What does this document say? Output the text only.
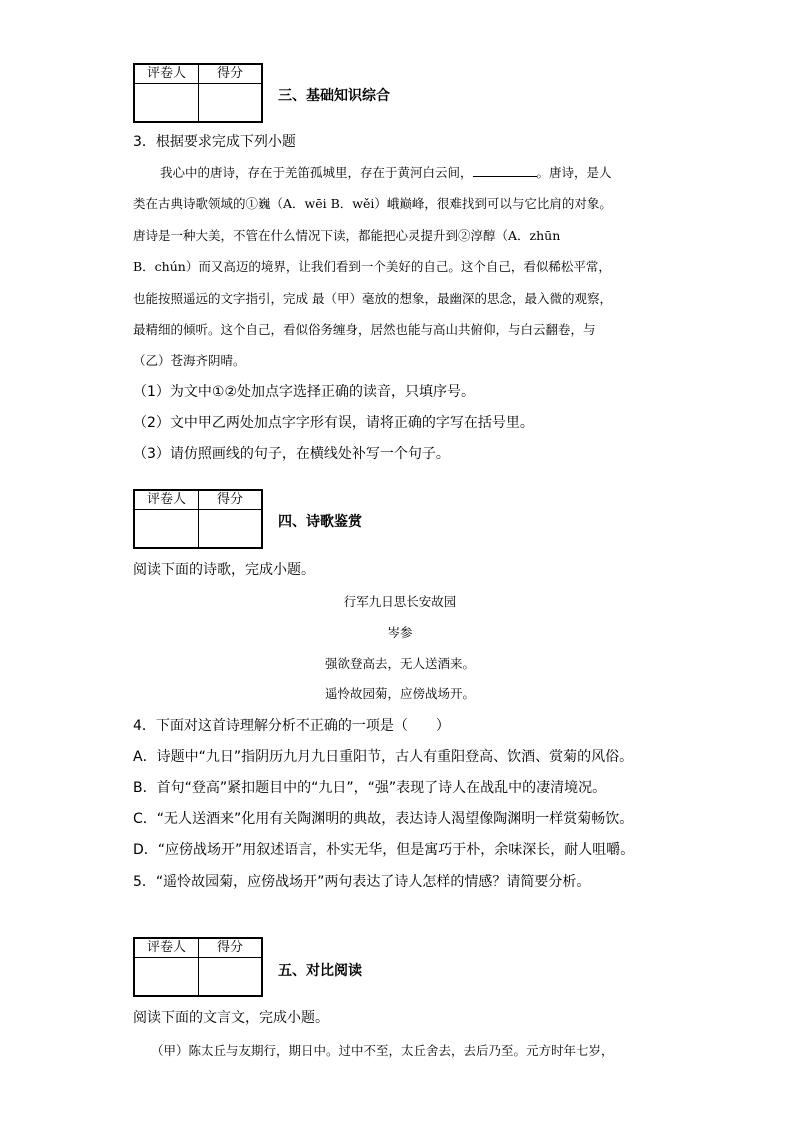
评卷人	得分
三、基础知识综合
3．根据要求完成下列小题
我心中的唐诗，存在于羌笛孤城里，存在于黄河白云间，	。唐诗，是人
类在古典诗歌领域的①巍（A．wēi B．wěi）峨巅峰，很难找到可以与它比肩的对象。
唐诗是一种大美，不管在什么情况下读，都能把心灵提升到②淳醇（A．zhūn
B．chún）而又高迈的境界，让我们看到一个美好的自己。这个自己，看似稀松平常，
也能按照遥远的文字指引，完成 最（甲）毫放的想象，最幽深的思念，最入微的观察，
最精细的倾听。这个自己，看似俗务缠身，居然也能与高山共俯仰，与白云翻卷，与
（乙）苍海齐阴晴。
（1）为文中①②处加点字选择正确的读音，只填序号。
（2）文中甲乙两处加点字字形有误，请将正确的字写在括号里。
（3）请仿照画线的句子，在横线处补写一个句子。
评卷人	得分
四、诗歌鉴赏
阅读下面的诗歌，完成小题。
行军九日思长安故园
岑参
强欲登高去，无人送酒来。
遥怜故园菊，应傍战场开。
4．下面对这首诗理解分析不正确的一项是（　　）
A．诗题中“九日”指阴历九月九日重阳节，古人有重阳登高、饮酒、赏菊的风俗。
B．首句“登高”紧扣题目中的“九日”，“强”表现了诗人在战乱中的凄清境况。
C．“无人送酒来”化用有关陶渊明的典故，表达诗人渴望像陶渊明一样赏菊畅饮。
D．“应傍战场开”用叙述语言，朴实无华，但是寓巧于朴，余味深长，耐人咀嚼。
5．“遥怜故园菊，应傍战场开”两句表达了诗人怎样的情感？请简要分析。
评卷人	得分
五、对比阅读
阅读下面的文言文，完成小题。
（甲）陈太丘与友期行，期日中。过中不至，太丘舍去，去后乃至。元方时年七岁，
